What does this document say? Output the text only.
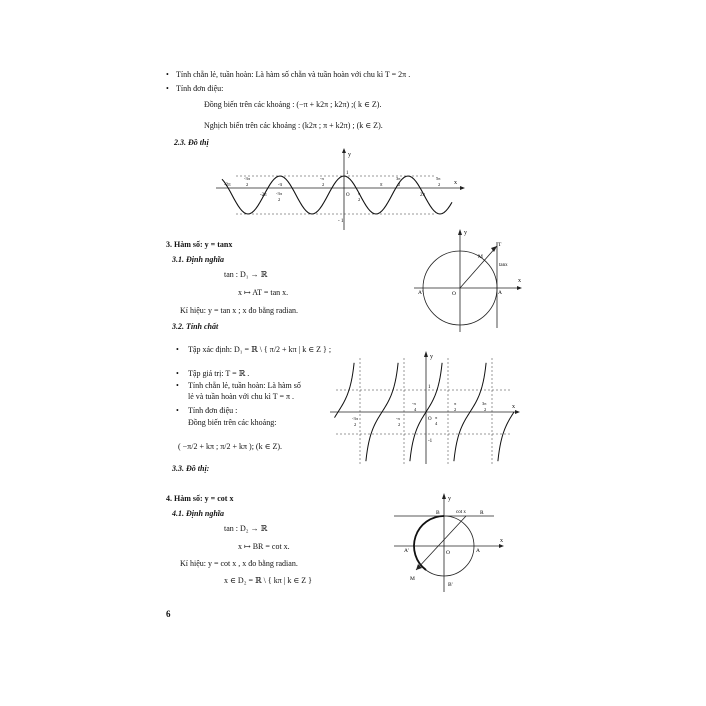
• Tính chẵn lẻ, tuần hoàn: Là hàm số chẵn và tuần hoàn với chu kì T = 2π .
• Tính đơn điệu:
Đồng biến trên các khoảng : (−π + k2π ; k2π) ;( k ∈ Z).
Nghịch biến trên các khoảng : (k2π ; π + k2π) ; (k ∈ Z).
2.3. Đồ thị
y
x
1
- 1
O
-2π
-3π
2	-π
-π
2	π
3π
2
5π
2
-2π -3π
2
π
2
2π
3. Hàm số: y = tanx
3.1. Định nghĩa
tan : D₁ → ℝ
x ↦ AT = tan x.
Kí hiệu: y = tan x ; x đo bằng radian.
3.2. Tính chất
• Tập xác định: D₁ = ℝ \ { π/2 + kπ | k ∈ Z } ;
• Tập giá trị: T = ℝ .
• Tính chẵn lẻ, tuần hoàn: Là hàm số
lẻ và tuần hoàn với chu kì T = π .
• Tính đơn điệu :
Đồng biến trên các khoảng:
( −π/2 + kπ ; π/2 + kπ ); (k ∈ Z).
3.3. Đồ thị:
y
x
M
T
tanx
A
A'	O
y
x
1
-1
O
-π
4
π
4
π
2
3π
2
-3π
2
-π
2
4. Hàm số: y = cot x
4.1. Định nghĩa
tan : D₂ → ℝ
x ↦ BR = cot x.
Kí hiệu: y = cot x , x đo bằng radian.
x ∈ D₂ = ℝ \ { kπ | k ∈ Z }
y
x
B	cot x	R
A
A'	O
M
B'
6
